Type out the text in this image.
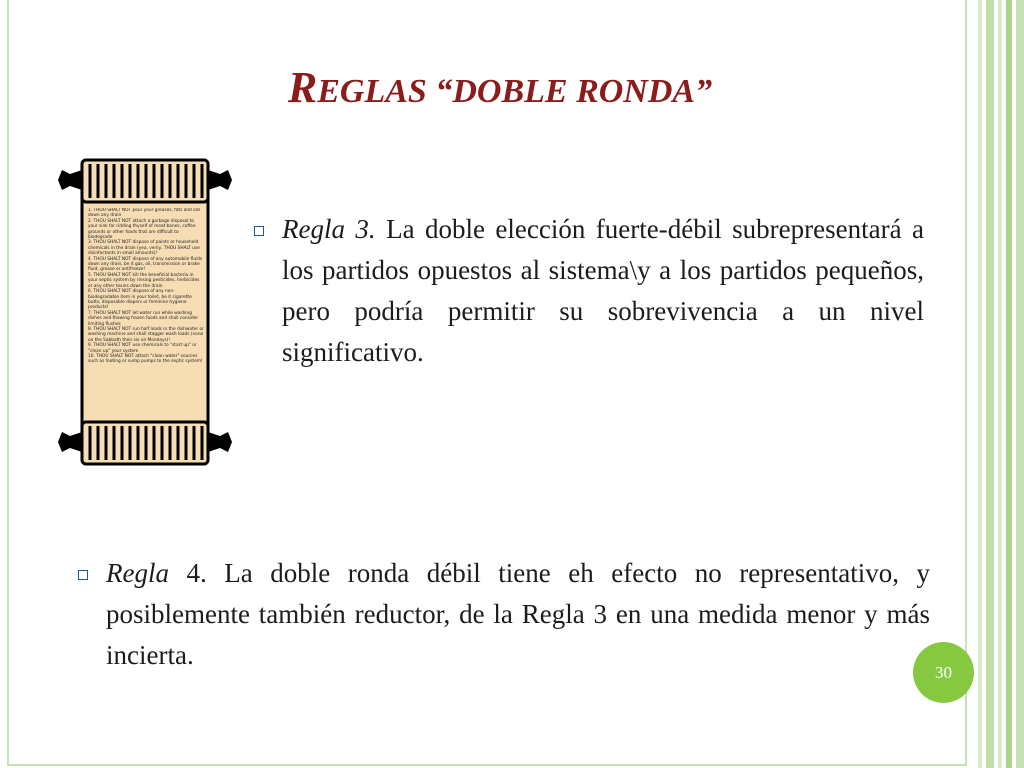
REGLAS “DOBLE RONDA”
1. THOU SHALT NOT pour your greases, fats and oils down any drain
2. THOU SHALT NOT attach a garbage disposal to your sink for ridding thyself of meat bones, coffee grounds or other foods that are difficult to biodegrade
3. THOU SHALT NOT dispose of paints or household chemicals in the drain (yea, verily, THOU SHALT use disinfectants in small amounts)!
4. THOU SHALT NOT dispose of any automobile fluids down any drain, be it gas, oil, transmission or brake fluid, grease or antifreeze!
5. THOU SHALT NOT kill the beneficial bacteria in your septic system by rinsing pesticides, herbicides or any other toxins down the drain
6. THOU SHALT NOT dispose of any non-biodegradable item in your toilet, be it cigarette butts, disposable diapers or feminine hygiene products!
7. THOU SHALT NOT let water run while washing dishes and thawing frozen foods and shall consider limiting flushes
8. THOU SHALT NOT run half loads in the dishwater or washing machine and shall stagger wash loads (none on the Sabbath then six on Mondays)!
9. THOU SHALT NOT use chemicals to "start up" or "clean up" your system
10. THOU SHALT NOT attach "clean water" sources such as footing or sump pumps to the septic system!

Regla 3. La doble elección fuerte-débil subrepresentará a los partidos opuestos al sistema\y a los partidos pequeños, pero podría permitir su sobrevivencia a un nivel significativo.

Regla 4. La doble ronda débil tiene eh efecto no representativo, y posiblemente también reductor, de la Regla 3 en una medida menor y más incierta.

30
